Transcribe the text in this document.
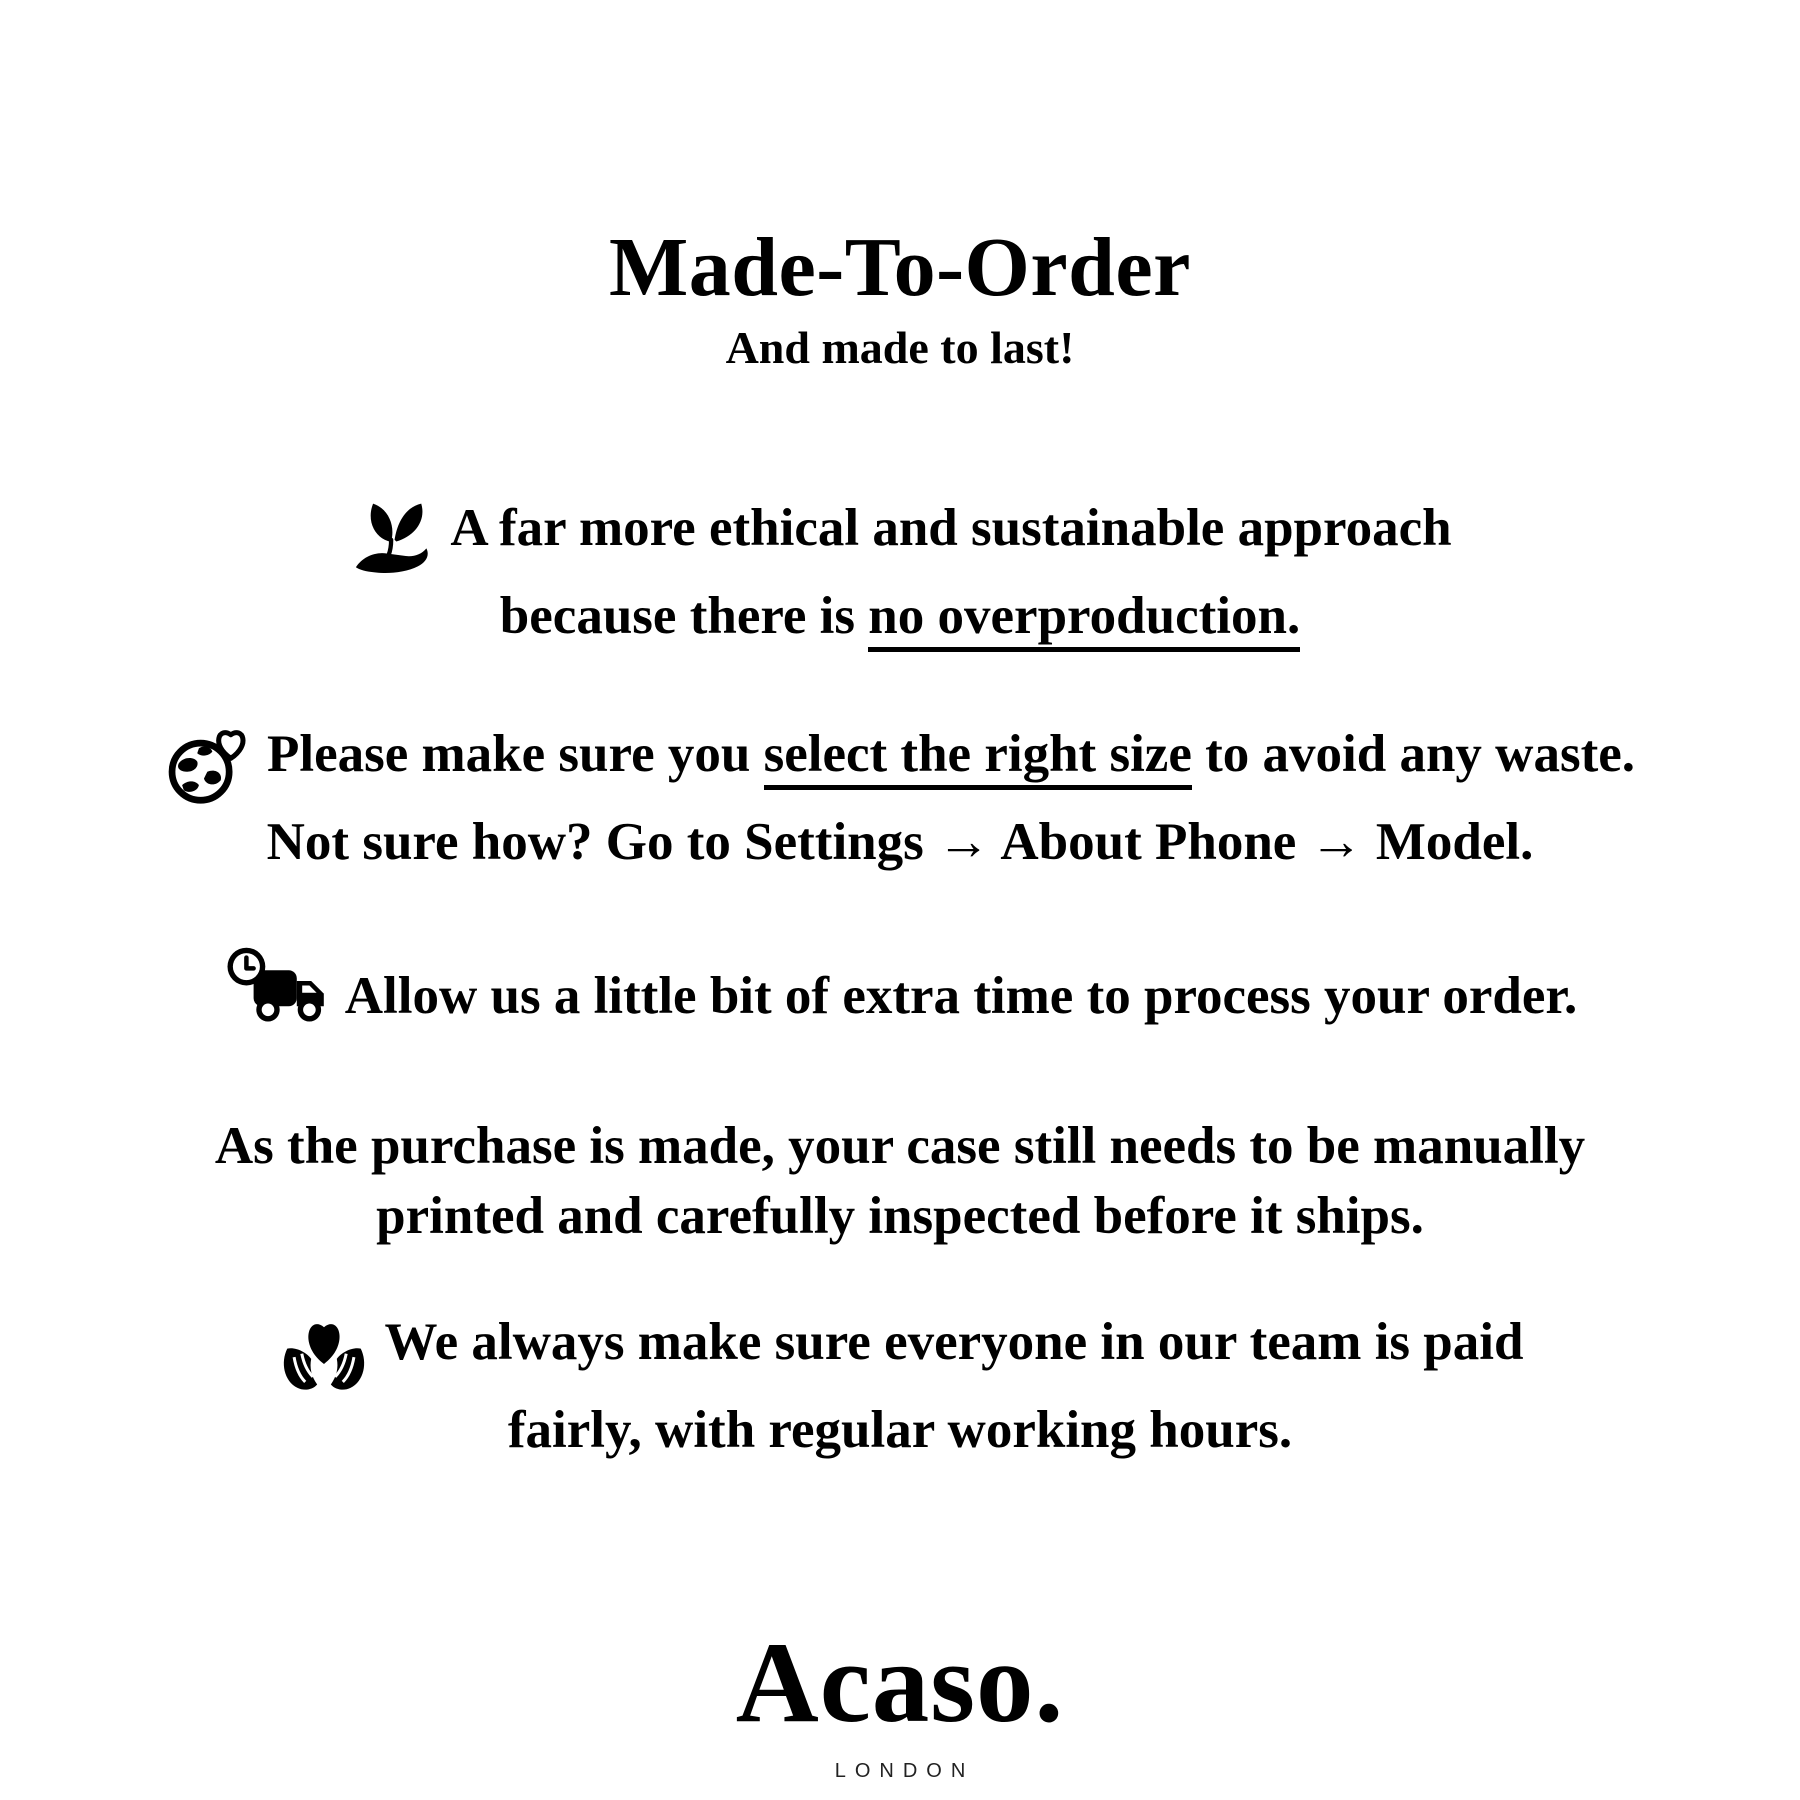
Made-To-Order

And made to last!

A far more ethical and sustainable approach
because there is no overproduction.

Please make sure you select the right size to avoid any waste.
Not sure how? Go to Settings → About Phone → Model.

Allow us a little bit of extra time to process your order.

As the purchase is made, your case still needs to be manually
printed and carefully inspected before it ships.

We always make sure everyone in our team is paid
fairly, with regular working hours.

Acaso.
LONDON
